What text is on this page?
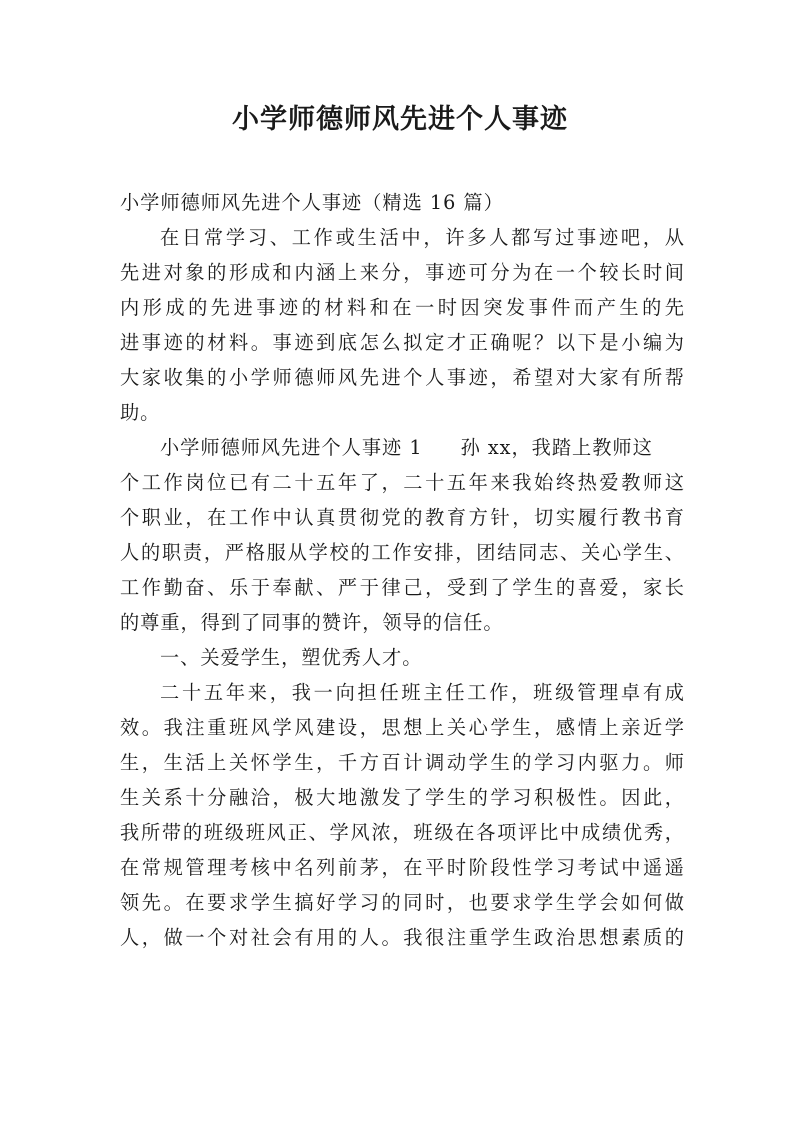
小学师德师风先进个人事迹
小学师德师风先进个人事迹（精选 16 篇）
在日常学习、工作或生活中，许多人都写过事迹吧，从
先进对象的形成和内涵上来分，事迹可分为在一个较长时间
内形成的先进事迹的材料和在一时因突发事件而产生的先
进事迹的材料。事迹到底怎么拟定才正确呢？以下是小编为
大家收集的小学师德师风先进个人事迹，希望对大家有所帮
助。
小学师德师风先进个人事迹 1 孙 xx，我踏上教师这
个工作岗位已有二十五年了，二十五年来我始终热爱教师这
个职业，在工作中认真贯彻党的教育方针，切实履行教书育
人的职责，严格服从学校的工作安排，团结同志、关心学生、
工作勤奋、乐于奉献、严于律己，受到了学生的喜爱，家长
的尊重，得到了同事的赞许，领导的信任。
一、关爱学生，塑优秀人才。
二十五年来，我一向担任班主任工作，班级管理卓有成
效。我注重班风学风建设，思想上关心学生，感情上亲近学
生，生活上关怀学生，千方百计调动学生的学习内驱力。师
生关系十分融洽，极大地激发了学生的学习积极性。因此，
我所带的班级班风正、学风浓，班级在各项评比中成绩优秀，
在常规管理考核中名列前茅，在平时阶段性学习考试中遥遥
领先。在要求学生搞好学习的同时，也要求学生学会如何做
人，做一个对社会有用的人。我很注重学生政治思想素质的
